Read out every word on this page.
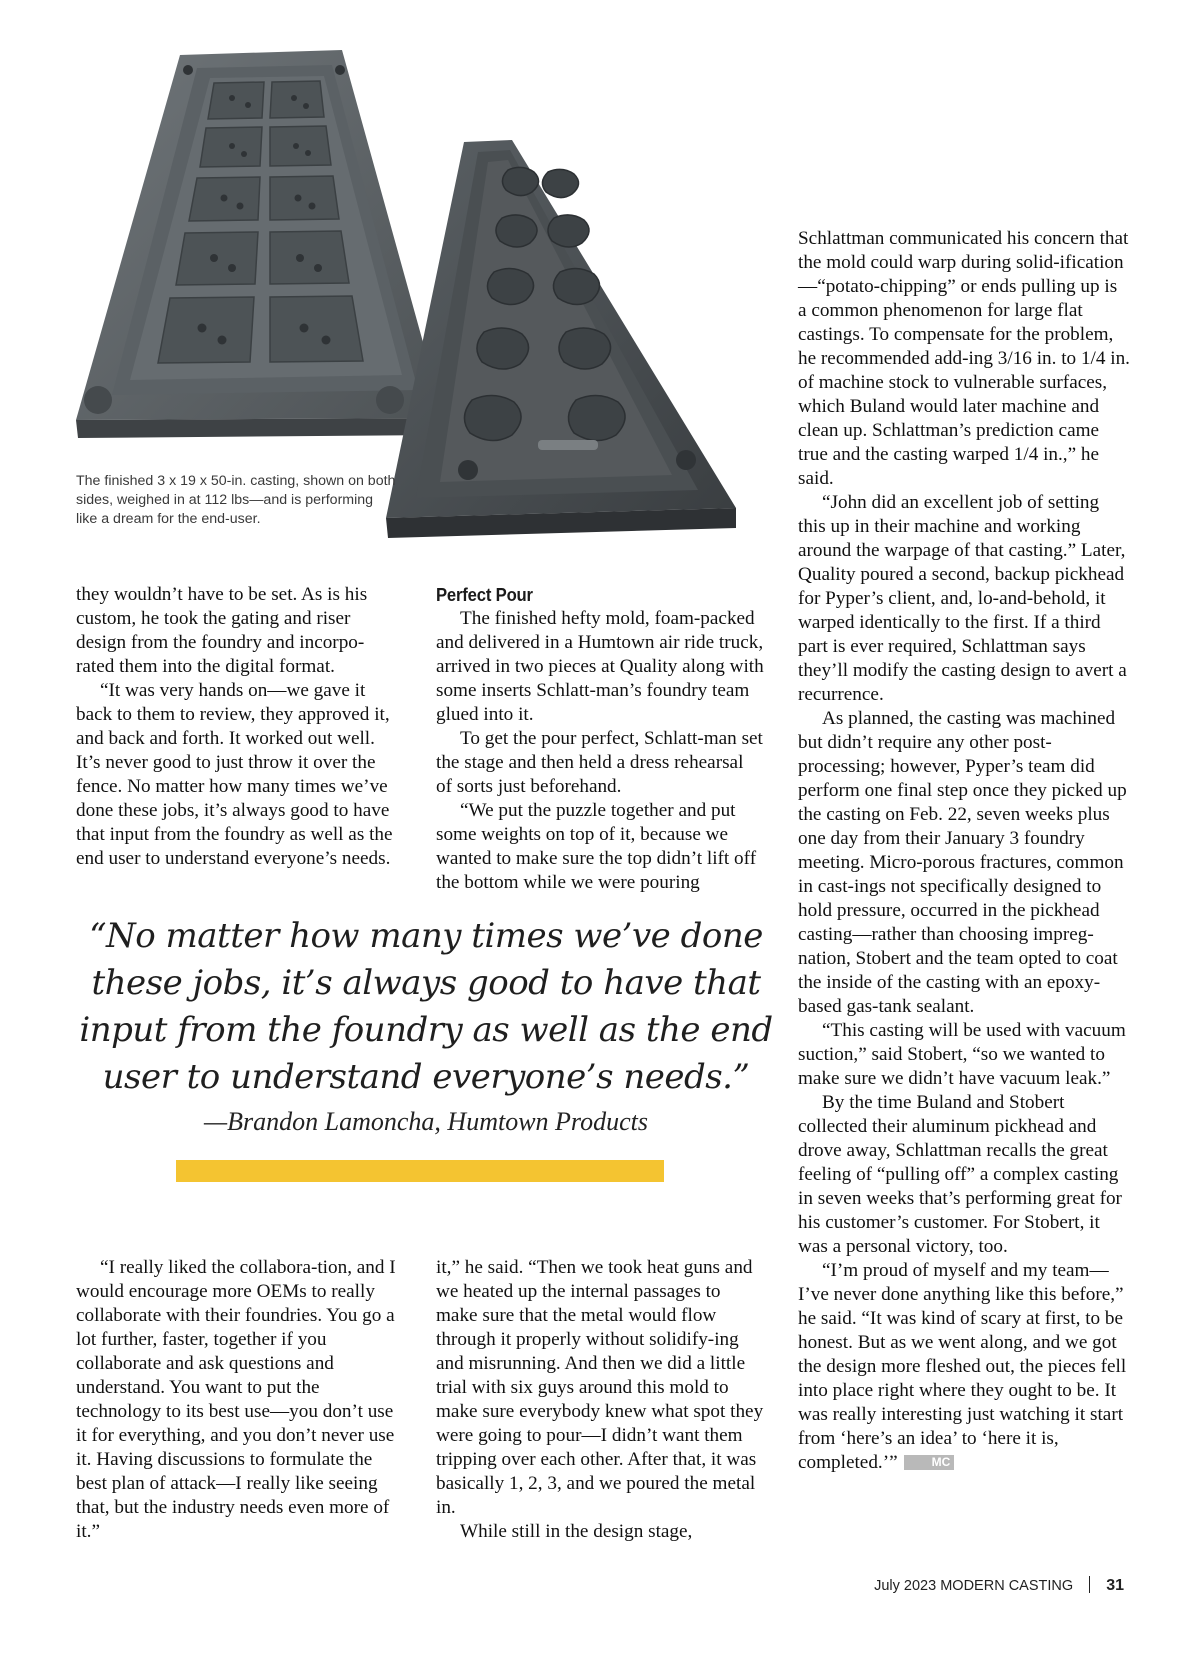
The finished 3 x 19 x 50-in. casting, shown on both sides, weighed in at 112 lbs—and is performing like a dream for the end-user.

they wouldn’t have to be set. As is his custom, he took the gating and riser design from the foundry and incorpo-rated them into the digital format.

“It was very hands on—we gave it back to them to review, they approved it, and back and forth. It worked out well. It’s never good to just throw it over the fence. No matter how many times we’ve done these jobs, it’s always good to have that input from the foundry as well as the end user to understand everyone’s needs.

Perfect Pour

The finished hefty mold, foam-packed and delivered in a Humtown air ride truck, arrived in two pieces at Quality along with some inserts Schlatt-man’s foundry team glued into it.

To get the pour perfect, Schlatt-man set the stage and then held a dress rehearsal of sorts just beforehand.

“We put the puzzle together and put some weights on top of it, because we wanted to make sure the top didn’t lift off the bottom while we were pouring

“No matter how many times we’ve done these jobs, it’s always good to have that input from the foundry as well as the end user to understand everyone’s needs.”
—Brandon Lamoncha, Humtown Products

“I really liked the collabora-tion, and I would encourage more OEMs to really collaborate with their foundries. You go a lot further, faster, together if you collaborate and ask questions and understand. You want to put the technology to its best use—you don’t use it for everything, and you don’t never use it. Having discussions to formulate the best plan of attack—I really like seeing that, but the industry needs even more of it.”

it,” he said. “Then we took heat guns and we heated up the internal passages to make sure that the metal would flow through it properly without solidify-ing and misrunning. And then we did a little trial with six guys around this mold to make sure everybody knew what spot they were going to pour—I didn’t want them tripping over each other. After that, it was basically 1, 2, 3, and we poured the metal in.

While still in the design stage,

Schlattman communicated his concern that the mold could warp during solid-ification—“potato-chipping” or ends pulling up is a common phenomenon for large flat castings. To compensate for the problem, he recommended add-ing 3/16 in. to 1/4 in. of machine stock to vulnerable surfaces, which Buland would later machine and clean up. Schlattman’s prediction came true and the casting warped 1/4 in.,” he said.

“John did an excellent job of setting this up in their machine and working around the warpage of that casting.” Later, Quality poured a second, backup pickhead for Pyper’s client, and, lo-and-behold, it warped identically to the first. If a third part is ever required, Schlattman says they’ll modify the casting design to avert a recurrence.

As planned, the casting was machined but didn’t require any other post-processing; however, Pyper’s team did perform one final step once they picked up the casting on Feb. 22, seven weeks plus one day from their January 3 foundry meeting. Micro-porous fractures, common in cast-ings not specifically designed to hold pressure, occurred in the pickhead casting—rather than choosing impreg-nation, Stobert and the team opted to coat the inside of the casting with an epoxy-based gas-tank sealant.

“This casting will be used with vacuum suction,” said Stobert, “so we wanted to make sure we didn’t have vacuum leak.”

By the time Buland and Stobert collected their aluminum pickhead and drove away, Schlattman recalls the great feeling of “pulling off” a complex casting in seven weeks that’s performing great for his customer’s customer. For Stobert, it was a personal victory, too.

“I’m proud of myself and my team—I’ve never done anything like this before,” he said. “It was kind of scary at first, to be honest. But as we went along, and we got the design more fleshed out, the pieces fell into place right where they ought to be. It was really interesting just watching it start from ‘here’s an idea’ to ‘here it is, completed.’”	MC

July 2023 MODERN CASTING 31
